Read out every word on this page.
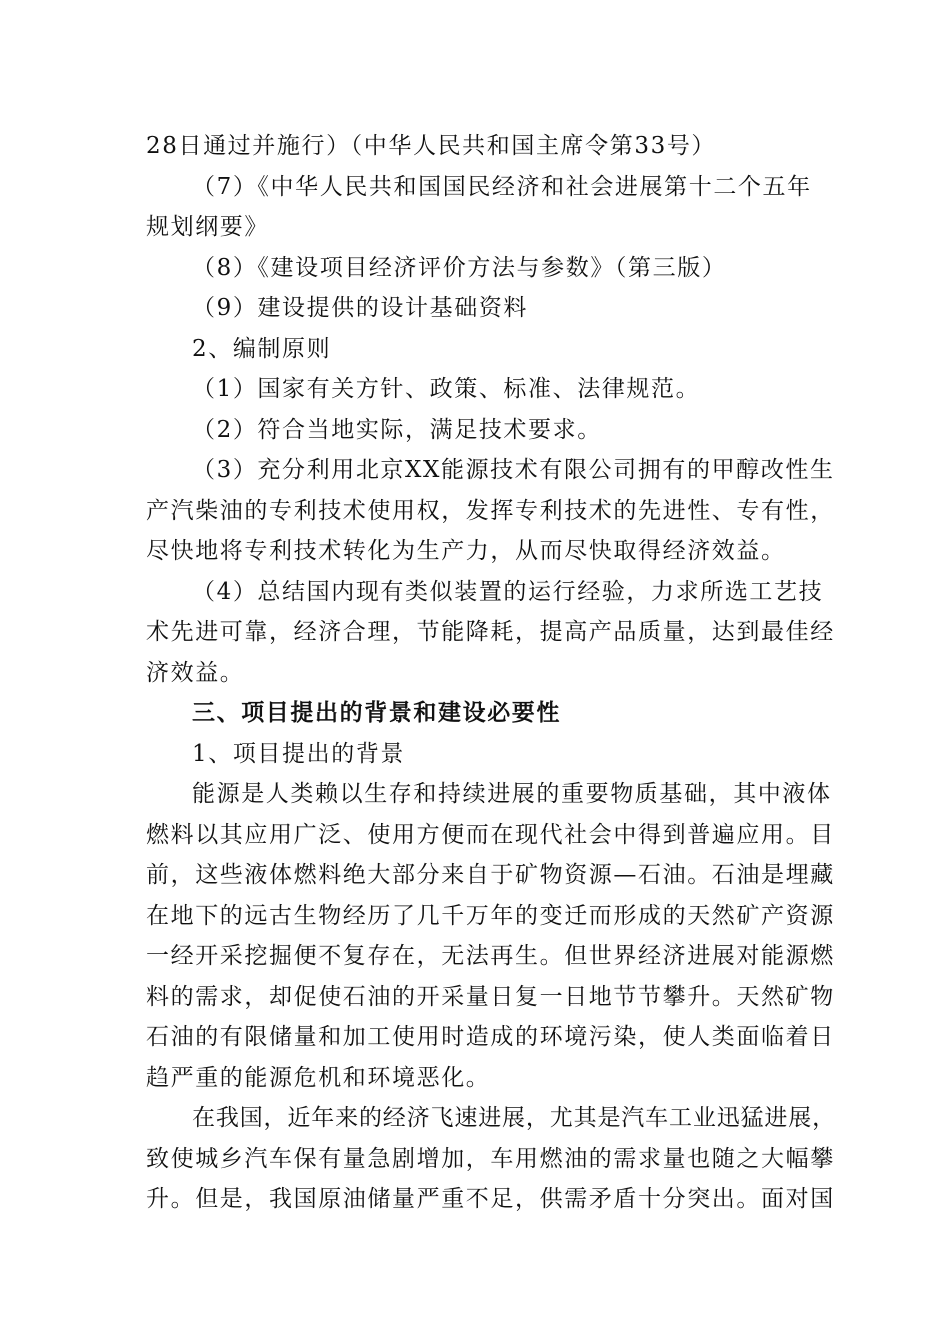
28日通过并施行）（中华人民共和国主席令第33号）

（7）《中华人民共和国国民经济和社会进展第十二个五年

规划纲要》

（8）《建设项目经济评价方法与参数》（第三版）

（9）建设提供的设计基础资料

2、编制原则

（1）国家有关方针、政策、标准、法律规范。

（2）符合当地实际，满足技术要求。

（3）充分利用北京XX能源技术有限公司拥有的甲醇改性生

产汽柴油的专利技术使用权，发挥专利技术的先进性、专有性，

尽快地将专利技术转化为生产力，从而尽快取得经济效益。

（4）总结国内现有类似装置的运行经验，力求所选工艺技

术先进可靠，经济合理，节能降耗，提高产品质量，达到最佳经

济效益。

三、项目提出的背景和建设必要性

1、项目提出的背景

能源是人类赖以生存和持续进展的重要物质基础，其中液体

燃料以其应用广泛、使用方便而在现代社会中得到普遍应用。目

前，这些液体燃料绝大部分来自于矿物资源—石油。石油是埋藏

在地下的远古生物经历了几千万年的变迁而形成的天然矿产资源

一经开采挖掘便不复存在，无法再生。但世界经济进展对能源燃

料的需求，却促使石油的开采量日复一日地节节攀升。天然矿物

石油的有限储量和加工使用时造成的环境污染，使人类面临着日

趋严重的能源危机和环境恶化。

在我国，近年来的经济飞速进展，尤其是汽车工业迅猛进展，

致使城乡汽车保有量急剧增加，车用燃油的需求量也随之大幅攀

升。但是，我国原油储量严重不足，供需矛盾十分突出。面对国
